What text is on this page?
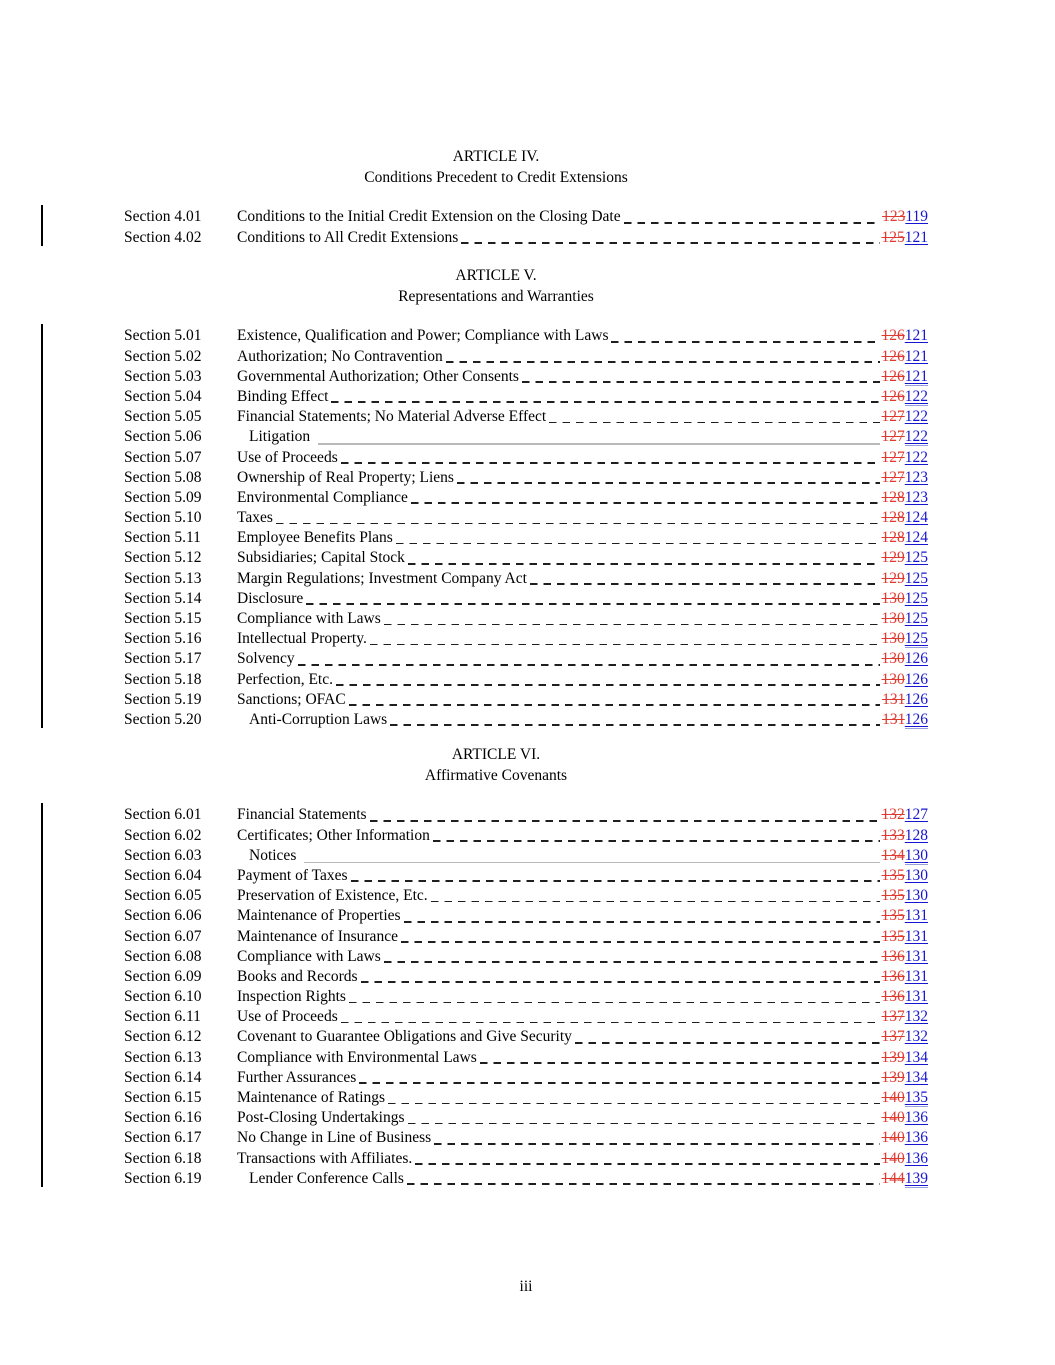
ARTICLE IV.
Conditions Precedent to Credit Extensions
Section 4.01	Conditions to the Initial Credit Extension on the Closing Date	123119
Section 4.02	Conditions to All Credit Extensions	125121
ARTICLE V.
Representations and Warranties
Section 5.01	Existence, Qualification and Power; Compliance with Laws	126121
Section 5.02	Authorization; No Contravention	126121
Section 5.03	Governmental Authorization; Other Consents	126121
Section 5.04	Binding Effect	126122
Section 5.05	Financial Statements; No Material Adverse Effect	127122
Section 5.06	Litigation	127122
Section 5.07	Use of Proceeds	127122
Section 5.08	Ownership of Real Property; Liens	127123
Section 5.09	Environmental Compliance	128123
Section 5.10	Taxes	128124
Section 5.11	Employee Benefits Plans	128124
Section 5.12	Subsidiaries; Capital Stock	129125
Section 5.13	Margin Regulations; Investment Company Act	129125
Section 5.14	Disclosure	130125
Section 5.15	Compliance with Laws	130125
Section 5.16	Intellectual Property.	130125
Section 5.17	Solvency	130126
Section 5.18	Perfection, Etc.	130126
Section 5.19	Sanctions; OFAC	131126
Section 5.20	Anti-Corruption Laws	131126
ARTICLE VI.
Affirmative Covenants
Section 6.01	Financial Statements	132127
Section 6.02	Certificates; Other Information	133128
Section 6.03	Notices	134130
Section 6.04	Payment of Taxes	135130
Section 6.05	Preservation of Existence, Etc.	135130
Section 6.06	Maintenance of Properties	135131
Section 6.07	Maintenance of Insurance	135131
Section 6.08	Compliance with Laws	136131
Section 6.09	Books and Records	136131
Section 6.10	Inspection Rights	136131
Section 6.11	Use of Proceeds	137132
Section 6.12	Covenant to Guarantee Obligations and Give Security	137132
Section 6.13	Compliance with Environmental Laws	139134
Section 6.14	Further Assurances	139134
Section 6.15	Maintenance of Ratings	140135
Section 6.16	Post-Closing Undertakings	140136
Section 6.17	No Change in Line of Business	140136
Section 6.18	Transactions with Affiliates.	140136
Section 6.19	Lender Conference Calls	144139
iii
